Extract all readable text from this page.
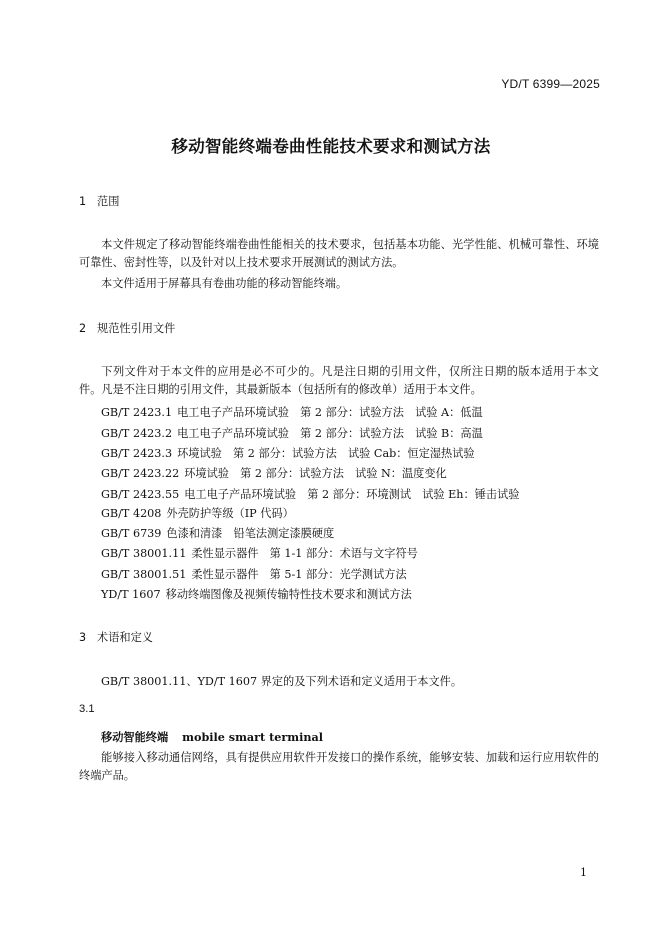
YD/T 6399—2025
移动智能终端卷曲性能技术要求和测试方法
1 范围
本文件规定了移动智能终端卷曲性能相关的技术要求，包括基本功能、光学性能、机械可靠性、环境可靠性、密封性等，以及针对以上技术要求开展测试的测试方法。
本文件适用于屏幕具有卷曲功能的移动智能终端。
2 规范性引用文件
下列文件对于本文件的应用是必不可少的。凡是注日期的引用文件，仅所注日期的版本适用于本文件。凡是不注日期的引用文件，其最新版本（包括所有的修改单）适用于本文件。
GB/T 2423.1 电工电子产品环境试验　第 2 部分：试验方法　试验 A：低温
GB/T 2423.2 电工电子产品环境试验　第 2 部分：试验方法　试验 B：高温
GB/T 2423.3 环境试验　第 2 部分：试验方法　试验 Cab：恒定湿热试验
GB/T 2423.22 环境试验　第 2 部分：试验方法　试验 N：温度变化
GB/T 2423.55 电工电子产品环境试验　第 2 部分：环境测试　试验 Eh：锤击试验
GB/T 4208 外壳防护等级（IP 代码）
GB/T 6739 色漆和清漆　铅笔法测定漆膜硬度
GB/T 38001.11 柔性显示器件　第 1-1 部分：术语与文字符号
GB/T 38001.51 柔性显示器件　第 5-1 部分：光学测试方法
YD/T 1607 移动终端图像及视频传输特性技术要求和测试方法
3 术语和定义
GB/T 38001.11、YD/T 1607 界定的及下列术语和定义适用于本文件。
3.1
移动智能终端 mobile smart terminal
能够接入移动通信网络，具有提供应用软件开发接口的操作系统，能够安装、加载和运行应用软件的终端产品。
1
